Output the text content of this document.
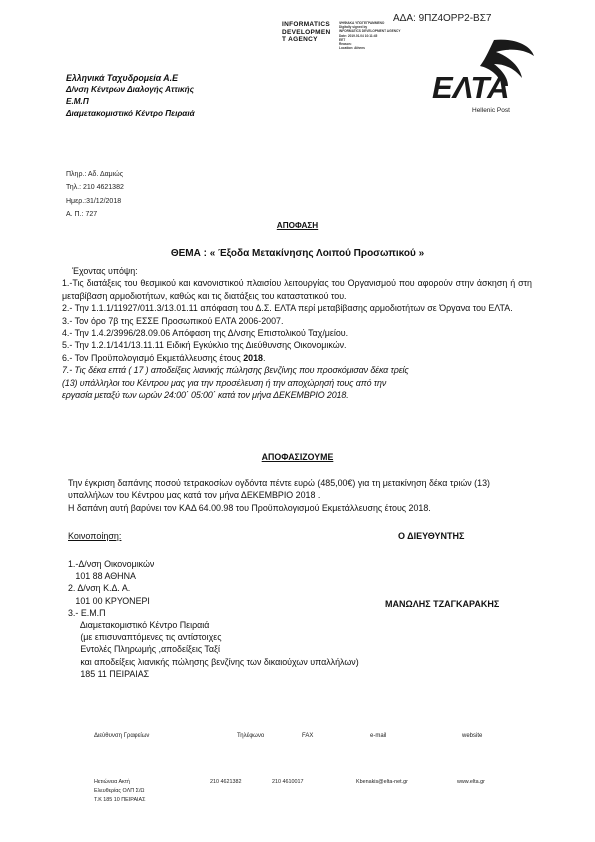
ΑΔΑ: 9ΠΖ4ΟΡΡ2-ΒΣ7
INFORMATICS
DEVELOPMEN
T AGENCY
ΨΗΦΙΑΚΑ ΥΠΟΓΕΓΡΑΜΜΕΝΟ
Digitally signed by
INFORMATICS DEVELOPMENT AGENCY
Date: 2019.01.04 10:11:45
EET
Reason:
Location: Athens
ΕΛΤΑ
Hellenic Post
Ελληνικά Ταχυδρομεία Α.Ε
Δ/νση Κέντρων Διαλογής Αττικής
Ε.Μ.Π
Διαμετακομιστικό Κέντρο Πειραιά
Πληρ.: Αδ. Δαμιώς
Τηλ.: 210 4621382
Ημερ.:31/12/2018
Α. Π.: 727
ΑΠΟΦΑΣΗ
ΘΕΜΑ : « Έξοδα Μετακίνησης Λοιπού Προσωπικού »

Έχοντας υπόψη:

1.-Τις διατάξεις του θεσμικού και κανονιστικού πλαισίου λειτουργίας του Οργανισμού που αφορούν στην άσκηση ή στη μεταβίβαση αρμοδιοτήτων, καθώς και τις διατάξεις του καταστατικού του.

2.- Την 1.1.1/11927/011.3/13.01.11 απόφαση του Δ.Σ. ΕΛΤΑ περί μεταβίβασης αρμοδιοτήτων σε Όργανα του ΕΛΤΑ.

3.- Τον όρο 7β της ΕΣΣΕ Προσωπικού ΕΛΤΑ 2006-2007.

4.- Την 1.4.2/3996/28.09.06 Απόφαση της Δ/νσης Επιστολικού Ταχ/μείου.

5.- Την 1.2.1/141/13.11.11 Ειδική Εγκύκλιο της Διεύθυνσης Οικονομικών.

6.- Τον Προϋπολογισμό Εκμετάλλευσης έτους 2018.

7.- Τις δέκα επτά ( 17 ) αποδείξεις λιανικής πώλησης βενζίνης που προσκόμισαν δέκα τρείς

(13) υπάλληλοι του Κέντρου μας για την προσέλευση ή την αποχώρησή τους από την

εργασία μεταξύ των ωρών 24:00΄ 05:00΄ κατά τον μήνα ΔΕΚΕΜΒΡΙΟ 2018.

ΑΠΟΦΑΣΙΖΟΥΜΕ

Την έγκριση δαπάνης ποσού τετρακοσίων ογδόντα πέντε ευρώ (485,00€) για τη μετακίνηση δέκα τριών (13) υπαλλήλων του Κέντρου μας κατά τον μήνα ΔΕΚΕΜΒΡΙΟ 2018 .

Η δαπάνη αυτή βαρύνει τον ΚΑΔ 64.00.98 του Προϋπολογισμού Εκμετάλλευσης έτους 2018.

Κοινοποίηση:	Ο ΔΙΕΥΘΥΝΤΗΣ
1.-Δ/νση Οικονομικών
101 88 ΑΘΗΝΑ
2. Δ/νση Κ.Δ. Α.
101 00 ΚΡΥΟΝΕΡΙ
3.- Ε.Μ.Π
Διαμετακομιστικό Κέντρο Πειραιά
(με επισυναπτόμενες τις αντίστοιχες
Εντολές Πληρωμής ,αποδείξεις Ταξί
και αποδείξεις λιανικής πώλησης βενζίνης των δικαιούχων υπαλλήλων)
185 11 ΠΕΙΡΑΙΑΣ
ΜΑΝΩΛΗΣ ΤΖΑΓΚΑΡΑΚΗΣ
Διεύθυνση Γραφείων	Τηλέφωνο	FAX	e-mail	website
Ηετιώνεια Ακτή
Ελευθερίας ΟΛΠ Σ/Ω
Τ.Κ 185 10 ΠΕΙΡΑΙΑΣ
210 4621382	210 4610017	Kbenakis@elta-net.gr	www.elta.gr
